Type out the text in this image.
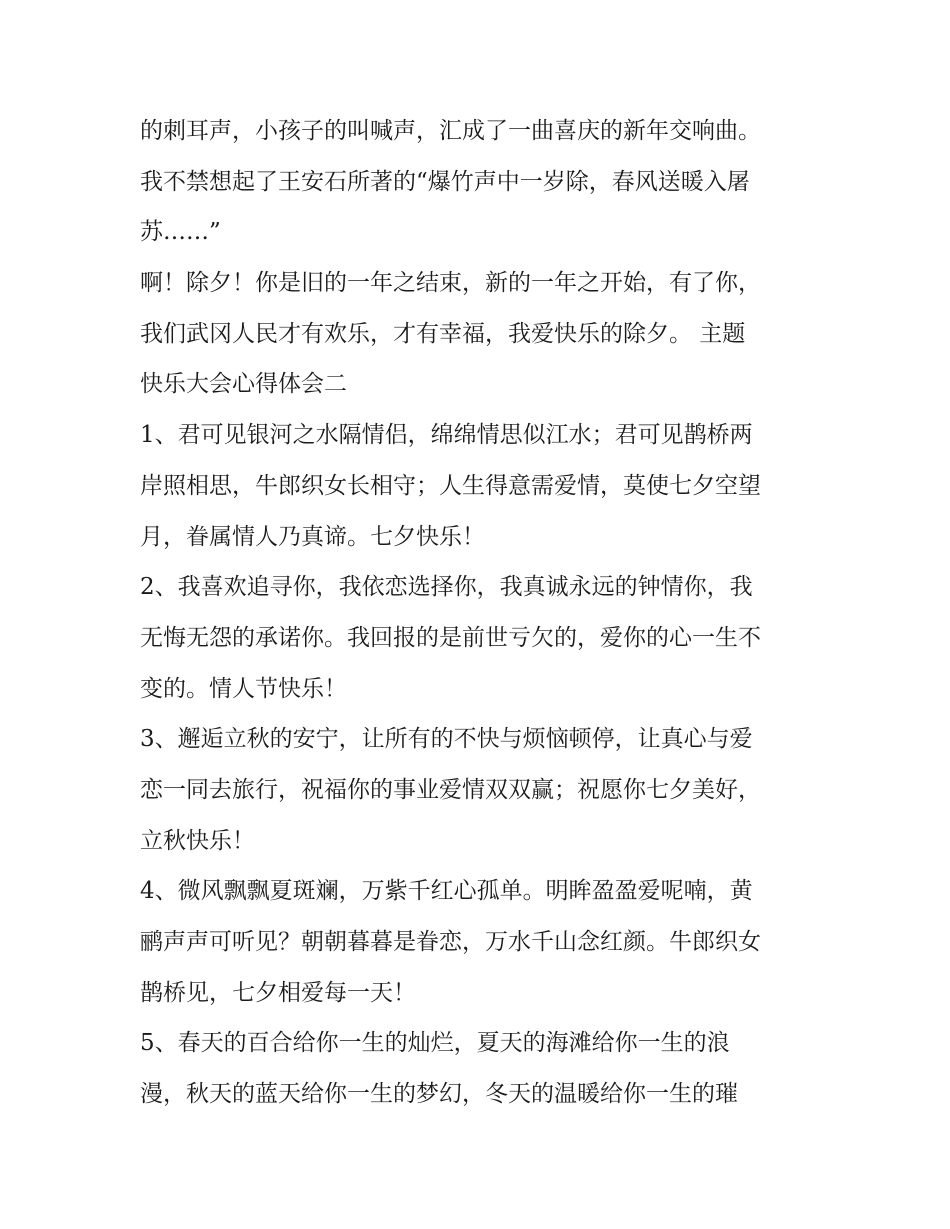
的刺耳声，小孩子的叫喊声，汇成了一曲喜庆的新年交响曲。
我不禁想起了王安石所著的“爆竹声中一岁除，春风送暖入屠
苏……”
啊！除夕！你是旧的一年之结束，新的一年之开始，有了你，
我们武冈人民才有欢乐，才有幸福，我爱快乐的除夕。 主题
快乐大会心得体会二
1、君可见银河之水隔情侣，绵绵情思似江水；君可见鹊桥两
岸照相思，牛郎织女长相守；人生得意需爱情，莫使七夕空望
月，眷属情人乃真谛。七夕快乐！
2、我喜欢追寻你，我依恋选择你，我真诚永远的钟情你，我
无悔无怨的承诺你。我回报的是前世亏欠的，爱你的心一生不
变的。情人节快乐！
3、邂逅立秋的安宁，让所有的不快与烦恼顿停，让真心与爱
恋一同去旅行，祝福你的事业爱情双双赢；祝愿你七夕美好，
立秋快乐！
4、微风飘飘夏斑斓，万紫千红心孤单。明眸盈盈爱呢喃，黄
鹂声声可听见？朝朝暮暮是眷恋，万水千山念红颜。牛郎织女
鹊桥见，七夕相爱每一天！
5、春天的百合给你一生的灿烂，夏天的海滩给你一生的浪
漫，秋天的蓝天给你一生的梦幻，冬天的温暖给你一生的璀
